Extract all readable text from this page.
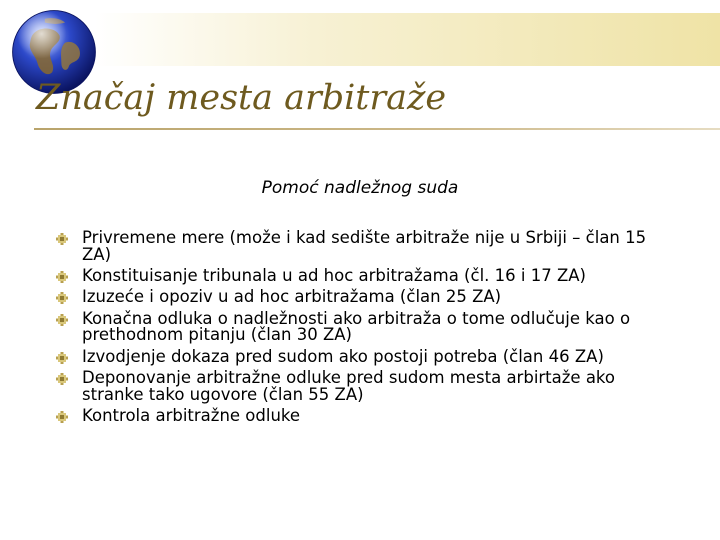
Značaj mesta arbitraže

Pomoć nadležnog suda

Privremene mere (može i kad sedište arbitraže nije u Srbiji – član 15 ZA)
Konstituisanje tribunala u ad hoc arbitražama (čl. 16 i 17 ZA)
Izuzeće i opoziv u ad hoc arbitražama (član 25 ZA)
Konačna odluka o nadležnosti ako arbitraža o tome odlučuje kao o prethodnom pitanju (član 30 ZA)
Izvodjenje dokaza pred sudom ako postoji potreba (član 46 ZA)
Deponovanje arbitražne odluke pred sudom mesta arbirtaže ako stranke tako ugovore (član 55 ZA)
Kontrola arbitražne odluke
